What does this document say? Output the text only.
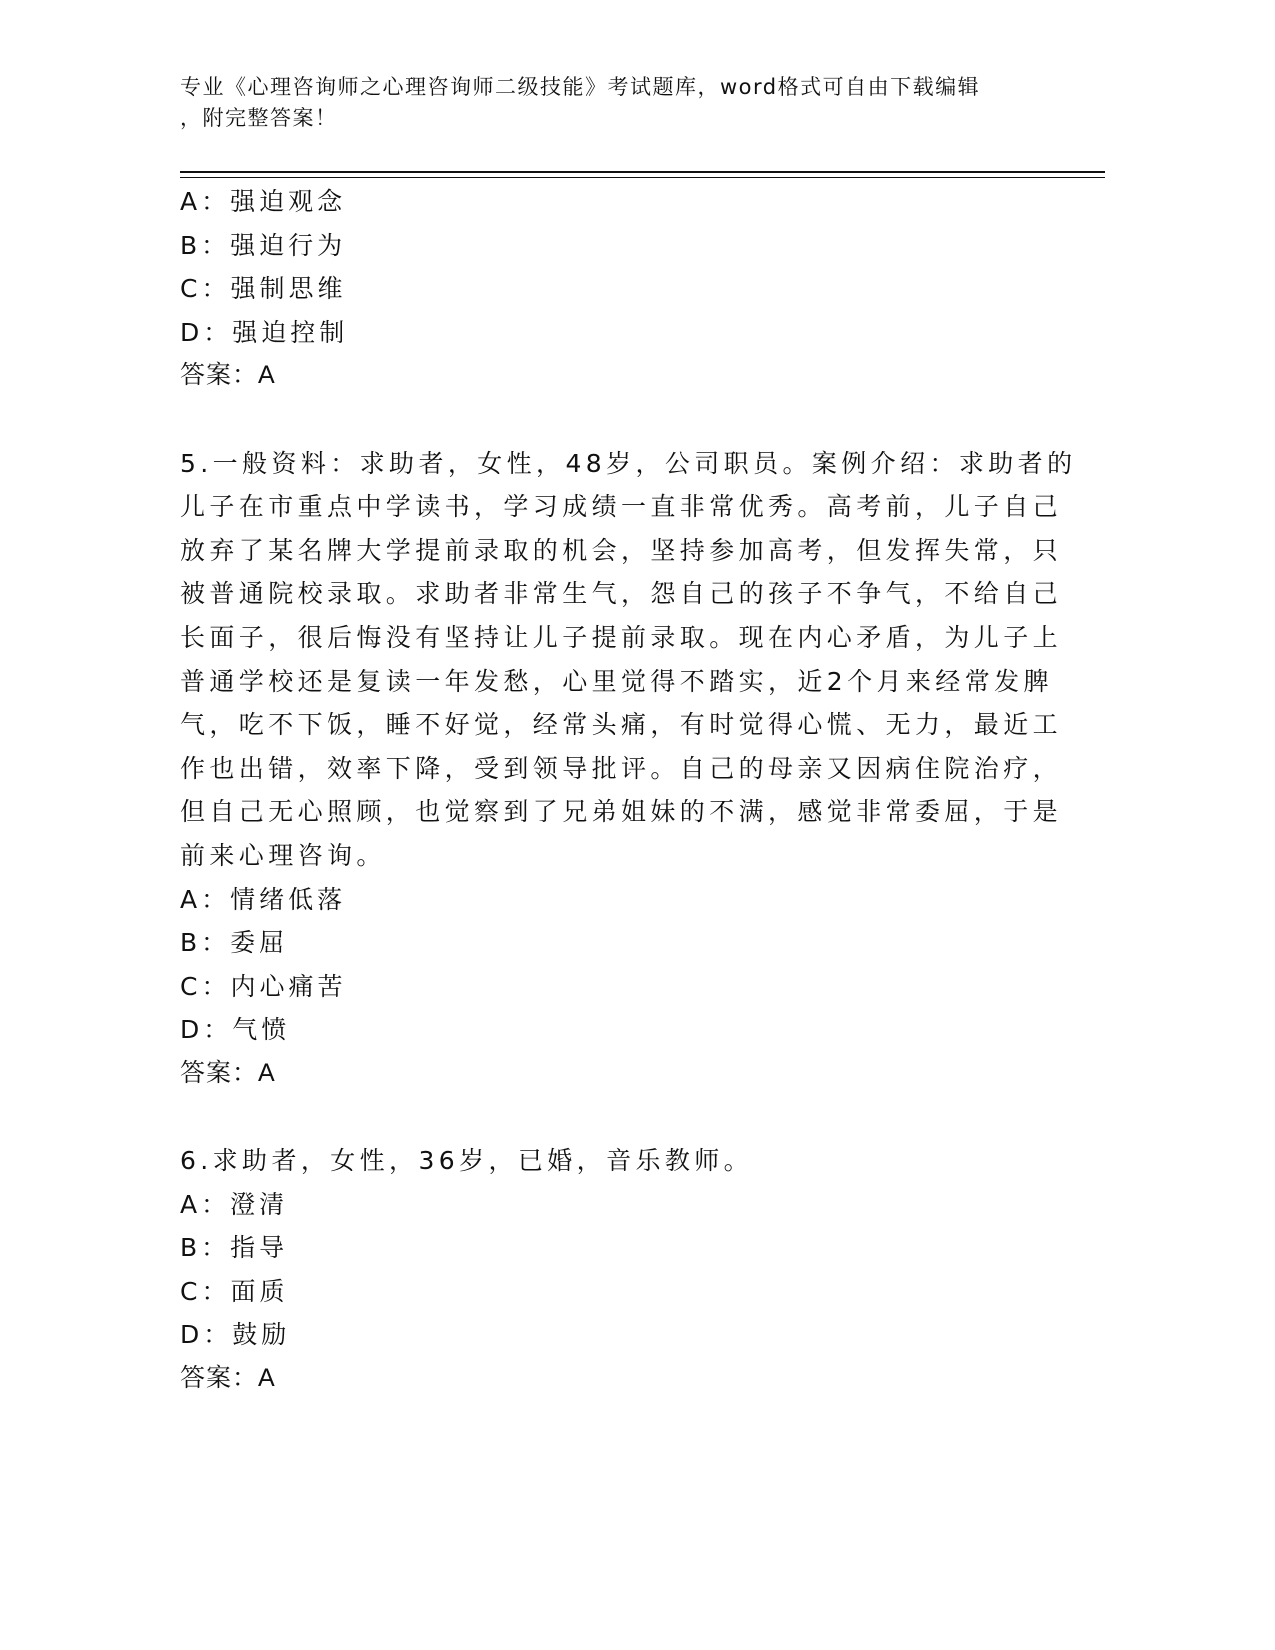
专业《心理咨询师之心理咨询师二级技能》考试题库，word格式可自由下载编辑
，附完整答案！
A：强迫观念
B：强迫行为
C：强制思维
D：强迫控制
答案：A
5.一般资料：求助者，女性，48岁，公司职员。案例介绍：求助者的
儿子在市重点中学读书，学习成绩一直非常优秀。高考前，儿子自己
放弃了某名牌大学提前录取的机会，坚持参加高考，但发挥失常，只
被普通院校录取。求助者非常生气，怨自己的孩子不争气，不给自己
长面子，很后悔没有坚持让儿子提前录取。现在内心矛盾，为儿子上
普通学校还是复读一年发愁，心里觉得不踏实，近2个月来经常发脾
气，吃不下饭，睡不好觉，经常头痛，有时觉得心慌、无力，最近工
作也出错，效率下降，受到领导批评。自己的母亲又因病住院治疗，
但自己无心照顾，也觉察到了兄弟姐妹的不满，感觉非常委屈，于是
前来心理咨询。
A：情绪低落
B：委屈
C：内心痛苦
D：气愤
答案：A
6.求助者，女性，36岁，已婚，音乐教师。
A：澄清
B：指导
C：面质
D：鼓励
答案：A
